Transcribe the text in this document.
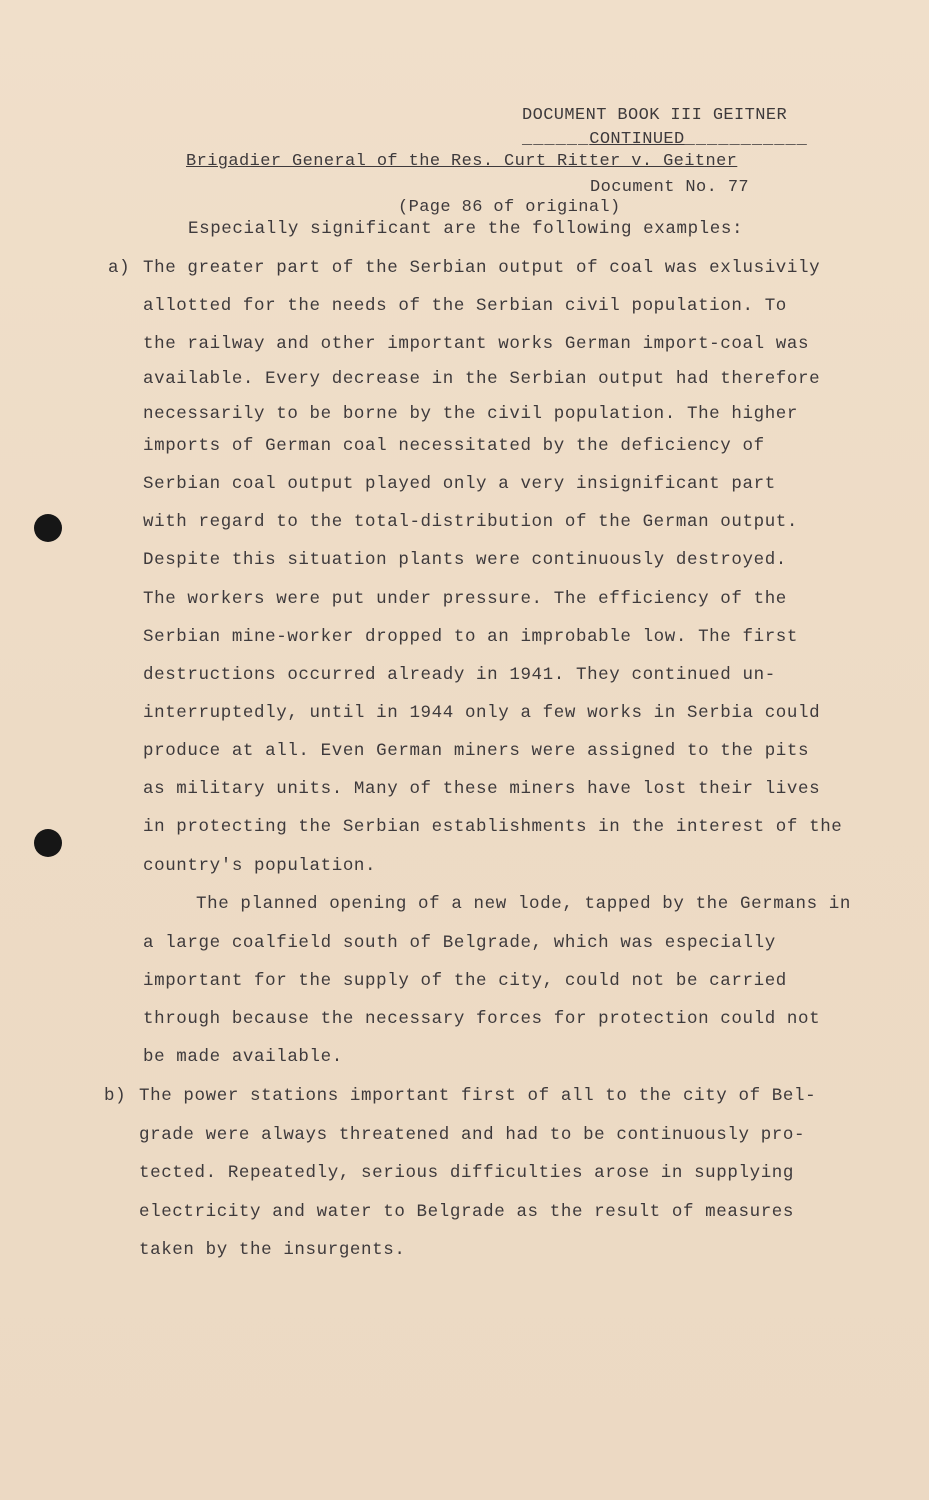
DOCUMENT BOOK III GEITNER
______CONTINUED___________
Brigadier General of the Res. Curt Ritter v. Geitner
Document No. 77
(Page 86 of original)
Especially significant are the following examples:
a) The greater part of the Serbian output of coal was exlusivily
allotted for the needs of the Serbian civil population. To
the railway and other important works German import-coal was
available. Every decrease in the Serbian output had therefore
necessarily to be borne by the civil population. The higher
imports of German coal necessitated by the deficiency of
Serbian coal output played only a very insignificant part
with regard to the total-distribution of the German output.
Despite this situation plants were continuously destroyed.
The workers were put under pressure. The efficiency of the
Serbian mine-worker dropped to an improbable low. The first
destructions occurred already in 1941. They continued un-
interruptedly, until in 1944 only a few works in Serbia could
produce at all. Even German miners were assigned to the pits
as military units. Many of these miners have lost their lives
in protecting the Serbian establishments in the interest of the
country's population.
The planned opening of a new lode, tapped by the Germans in
a large coalfield south of Belgrade, which was especially
important for the supply of the city, could not be carried
through because the necessary forces for protection could not
be made available.
b) The power stations important first of all to the city of Bel-
grade were always threatened and had to be continuously pro-
tected. Repeatedly, serious difficulties arose in supplying
electricity and water to Belgrade as the result of measures
taken by the insurgents.
